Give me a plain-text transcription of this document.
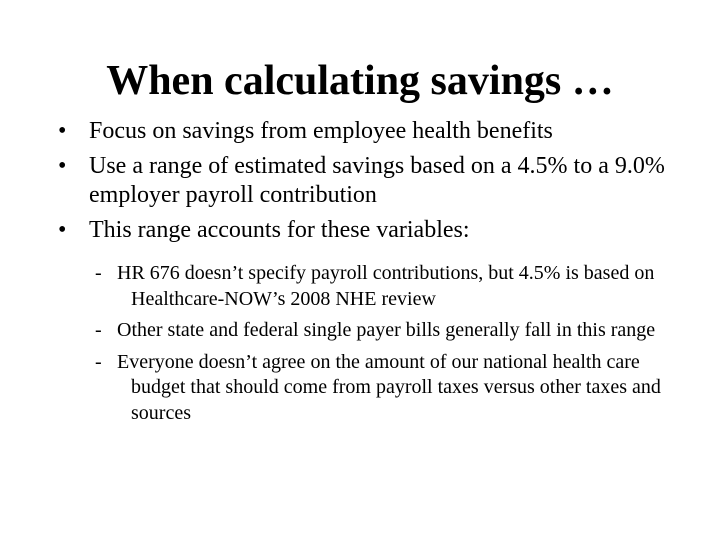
When calculating savings …
• Focus on savings from employee health benefits
• Use a range of estimated savings based on a 4.5% to a 9.0% employer payroll contribution
• This range accounts for these variables:
- HR 676 doesn’t specify payroll contributions, but 4.5% is based on Healthcare-NOW’s 2008 NHE review
- Other state and federal single payer bills generally fall in this range
- Everyone doesn’t agree on the amount of our national health care budget that should come from payroll taxes versus other taxes and sources
